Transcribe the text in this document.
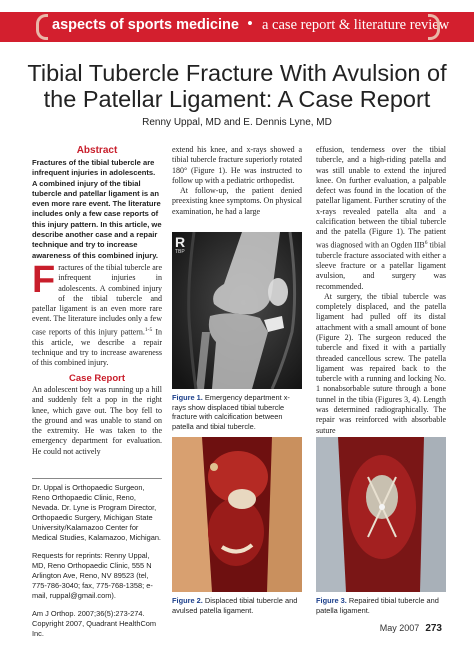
aspects of sports medicine • a case report & literature review
Tibial Tubercle Fracture With Avulsion of
the Patellar Ligament: A Case Report
Renny Uppal, MD and E. Dennis Lyne, MD
Abstract
Fractures of the tibial tubercle are infrequent injuries in adolescents. A combined injury of the tibial tubercle and patellar ligament is an even more rare event. The literature includes only a few case reports of this injury pattern. In this article, we describe another case and a repair technique and try to increase awareness of this combined injury.
F ractures of the tibial tubercle are infrequent injuries in adolescents. A combined injury of the tibial tubercle and patellar ligament is an even more rare event. The literature includes only a few case reports of this injury pattern.$^{1-5}$ In this article, we describe a repair technique and try to increase awareness of this combined injury.
Case Report
An adolescent boy was running up a hill and suddenly felt a pop in the right knee, which gave out. The boy fell to the ground and was unable to stand on the extremity. He was taken to the emergency department for evaluation. He could not actively

Dr. Uppal is Orthopaedic Surgeon, Reno Orthopaedic Clinic, Reno, Nevada. Dr. Lyne is Program Director, Orthopaedic Surgery, Michigan State University/Kalamazoo Center for Medical Studies, Kalamazoo, Michigan.

Requests for reprints: Renny Uppal, MD, Reno Orthopaedic Clinic, 555 N Arlington Ave, Reno, NV 89523 (tel, 775-786-3040; fax, 775-768-1358; e-mail, ruppal@gmail.com).

Am J Orthop. 2007;36(5):273-274. Copyright 2007, Quadrant HealthCom Inc.

extend his knee, and x-rays showed a tibial tubercle fracture superiorly rotated 180° (Figure 1). He was instructed to follow up with a pediatric orthopedist.

At follow-up, the patient denied preexisting knee symptoms. On physical examination, he had a large

R
TBP
Figure 1. Emergency department x-rays show displaced tibial tubercle fracture with calcification between patella and tibial tubercle.

effusion, tenderness over the tibial tubercle, and a high-riding patella and was still unable to extend the injured knee. On further evaluation, a palpable defect was found in the location of the patellar ligament. Further scrutiny of the x-rays revealed patella alta and a calcification between the tibial tubercle and the patella (Figure 1). The patient was diagnosed with an Ogden IIB$^6$ tibial tubercle fracture associated with either a sleeve fracture or a patellar ligament avulsion, and surgery was recommended.

At surgery, the tibial tubercle was completely displaced, and the patella ligament had pulled off its distal attachment with a small amount of bone (Figure 2). The surgeon reduced the tubercle and fixed it with a partially threaded cancellous screw. The patella ligament was repaired back to the tubercle with a running and locking No. 1 nonabsorbable suture through a bone tunnel in the tibia (Figures 3, 4). Length was determined radiographically. The repair was reinforced with absorbable suture

Figure 2. Displaced tibial tubercle and avulsed patella ligament.
Figure 3. Repaired tibial tubercle and patella ligament.
May 2007 273
